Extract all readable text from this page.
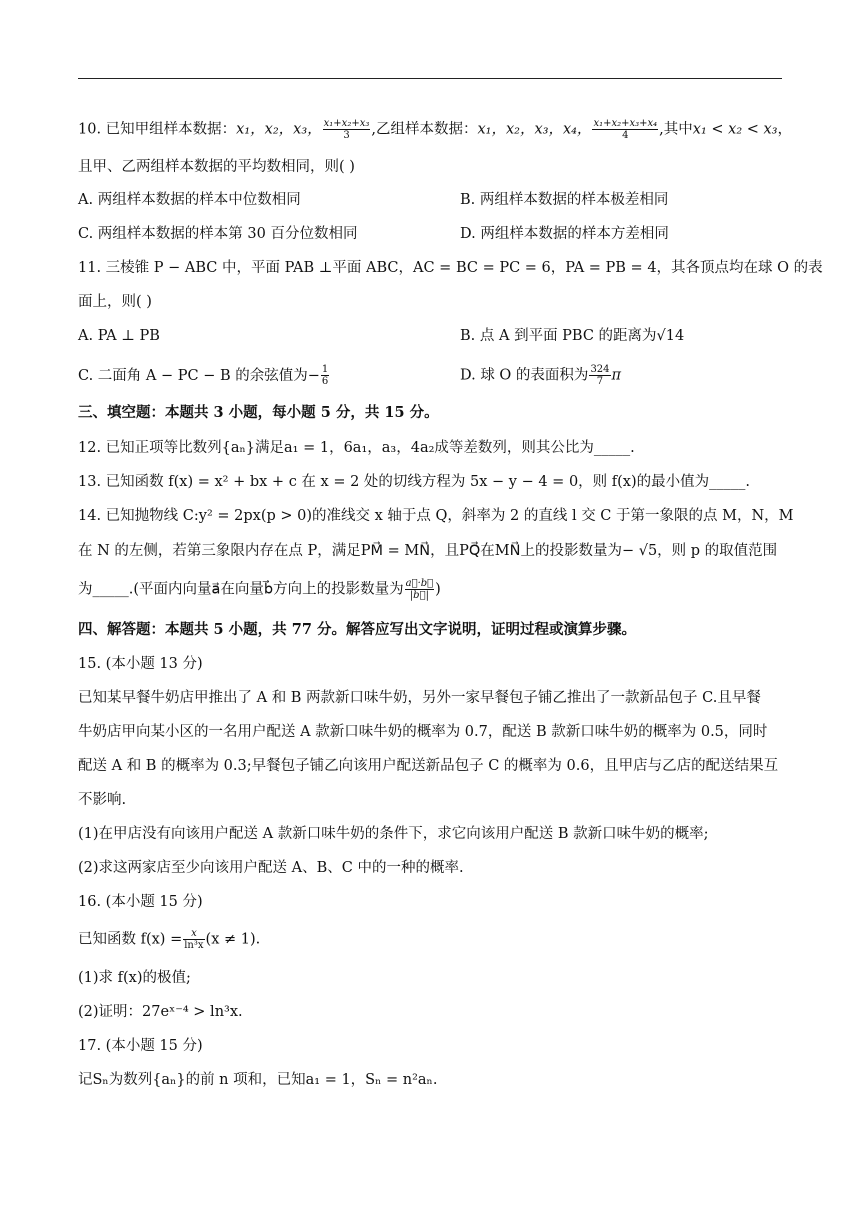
10. 已知甲组样本数据：x₁，x₂，x₃， $\frac{\text{x₁+x₂+x₃}}{3}$ ,乙组样本数据：x₁，x₂，x₃，x₄， $\frac{\text{x₁+x₂+x₃+x₄}}{4}$ ,其中x₁ < x₂ < x₃，
且甲、乙两组样本数据的平均数相同，则( )
A. 两组样本数据的样本中位数相同	B. 两组样本数据的样本极差相同
C. 两组样本数据的样本第 30 百分位数相同	D. 两组样本数据的样本方差相同
11. 三棱锥 P − ABC 中，平面 PAB ⊥平面 ABC，AC = BC = PC = 6，PA = PB = 4，其各顶点均在球 O 的表
面上，则( )
A. PA ⊥ PB	B. 点 A 到平面 PBC 的距离为√14
C. 二面角 A − PC − B 的余弦值为− $\frac{1}{6}$	D. 球 O 的表面积为 $\frac{324}{7}$ π
三、填空题：本题共 3 小题，每小题 5 分，共 15 分。
12. 已知正项等比数列{aₙ}满足a₁ = 1，6a₁，a₃，4a₂成等差数列，则其公比为_____.
13. 已知函数 f(x) = x² + bx + c 在 x = 2 处的切线方程为 5x − y − 4 = 0，则 f(x)的最小值为_____.
14. 已知抛物线 C:y² = 2px(p > 0)的准线交 x 轴于点 Q，斜率为 2 的直线 l 交 C 于第一象限的点 M，N，M
在 N 的左侧，若第三象限内存在点 P，满足PM⃗ = MN⃗，且PQ⃗在MN⃗上的投影数量为− √5，则 p 的取值范围
为_____.(平面内向量a⃗在向量b⃗方向上的投影数量为 $\frac{a⃗\cdot b⃗}{|b⃗|}$ )
四、解答题：本题共 5 小题，共 77 分。解答应写出文字说明，证明过程或演算步骤。
15. (本小题 13 分)
已知某早餐牛奶店甲推出了 A 和 B 两款新口味牛奶，另外一家早餐包子铺乙推出了一款新品包子 C.且早餐
牛奶店甲向某小区的一名用户配送 A 款新口味牛奶的概率为 0.7，配送 B 款新口味牛奶的概率为 0.5，同时
配送 A 和 B 的概率为 0.3;早餐包子铺乙向该用户配送新品包子 C 的概率为 0.6，且甲店与乙店的配送结果互
不影响.
(1)在甲店没有向该用户配送 A 款新口味牛奶的条件下，求它向该用户配送 B 款新口味牛奶的概率;
(2)求这两家店至少向该用户配送 A、B、C 中的一种的概率.
16. (本小题 15 分)
已知函数 $f(x) = \frac{x}{\text{ln³x}} (x \ne 1)$.
(1)求 f(x)的极值;
(2)证明：27eˣ⁻⁴ > ln³x.
17. (本小题 15 分)
记Sₙ为数列{aₙ}的前 n 项和，已知a₁ = 1，Sₙ = n²aₙ.
